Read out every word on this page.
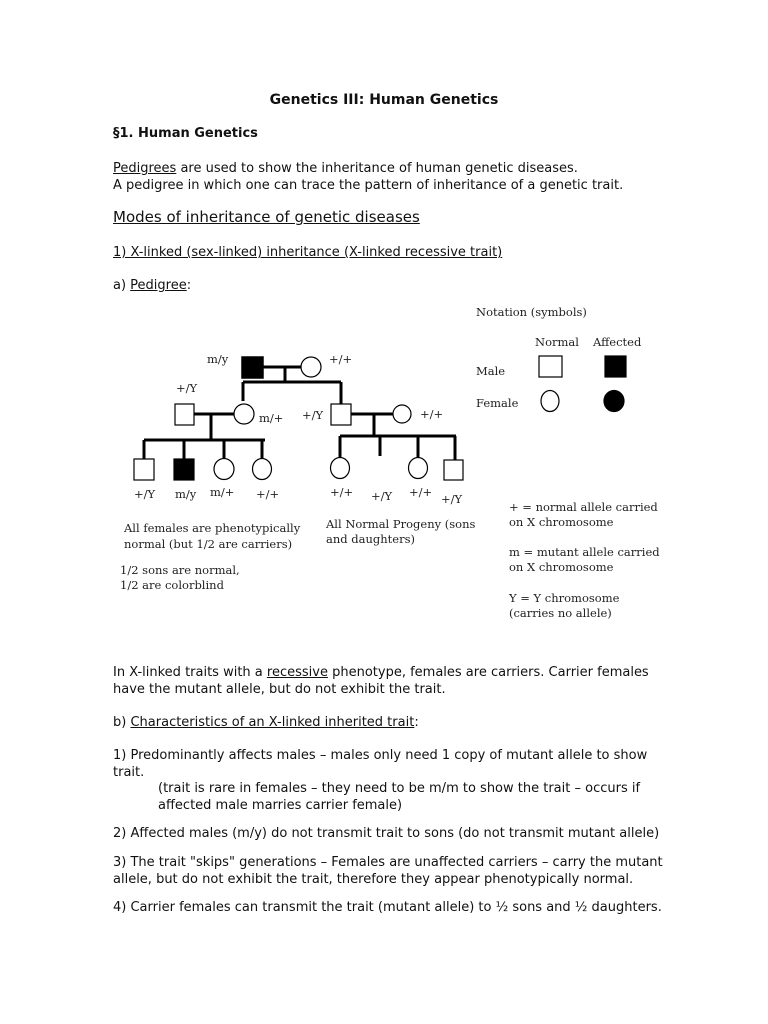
Genetics III: Human Genetics

§1. Human Genetics

Pedigrees are used to show the inheritance of human genetic diseases.

A pedigree in which one can trace the pattern of inheritance of a genetic trait.

Modes of inheritance of genetic diseases

1) X-linked (sex-linked) inheritance (X-linked recessive trait)

a) Pedigree:

m/y	+/+

+/Y

m/+ +/Y	+/+

+/Y m/y m/+ +/+	+/+ +/Y +/+ +/Y

Notation (symbols)

Normal Affected

Male

Female

All females are phenotypically

normal (but 1/2 are carriers)

1/2 sons are normal,

1/2 are colorblind

All Normal Progeny (sons

and daughters)

+ = normal allele carried

on X chromosome

m = mutant allele carried

on X chromosome

Y = Y chromosome

(carries no allele)

In X-linked traits with a recessive phenotype, females are carriers. Carrier females

have the mutant allele, but do not exhibit the trait.

b) Characteristics of an X-linked inherited trait:

1) Predominantly affects males – males only need 1 copy of mutant allele to show

trait.

(trait is rare in females – they need to be m/m to show the trait – occurs if

affected male marries carrier female)

2) Affected males (m/y) do not transmit trait to sons (do not transmit mutant allele)

3) The trait "skips" generations – Females are unaffected carriers – carry the mutant

allele, but do not exhibit the trait, therefore they appear phenotypically normal.

4) Carrier females can transmit the trait (mutant allele) to ½ sons and ½ daughters.
